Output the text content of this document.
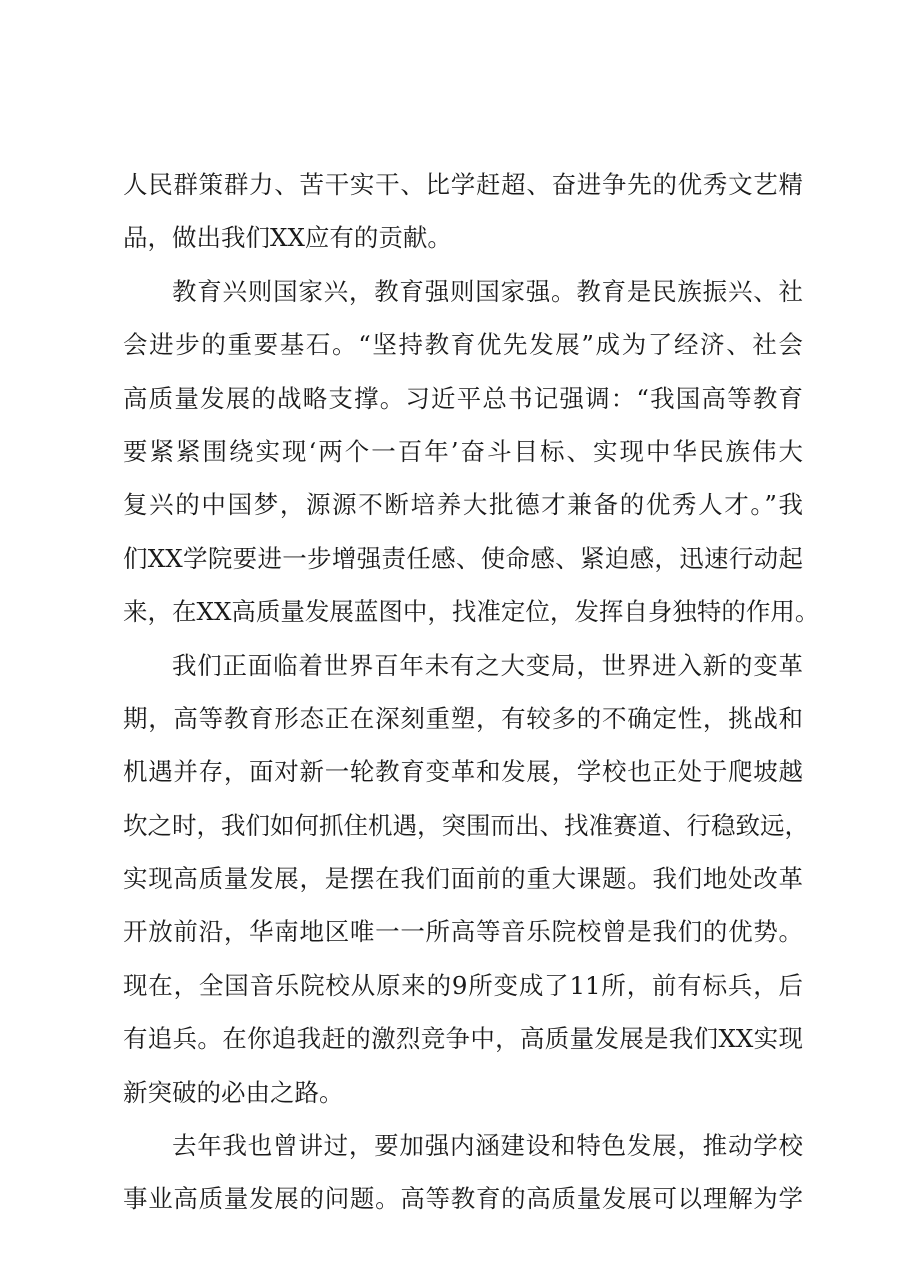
人民群策群力、苦干实干、比学赶超、奋进争先的优秀文艺精
品，做出我们XX应有的贡献。
教育兴则国家兴，教育强则国家强。教育是民族振兴、社
会进步的重要基石。“坚持教育优先发展”成为了经济、社会
高质量发展的战略支撑。习近平总书记强调：“我国高等教育
要紧紧围绕实现‘两个一百年’奋斗目标、实现中华民族伟大
复兴的中国梦，源源不断培养大批德才兼备的优秀人才。”我
们XX学院要进一步增强责任感、使命感、紧迫感，迅速行动起
来，在XX高质量发展蓝图中，找准定位，发挥自身独特的作用。
我们正面临着世界百年未有之大变局，世界进入新的变革
期，高等教育形态正在深刻重塑，有较多的不确定性，挑战和
机遇并存，面对新一轮教育变革和发展，学校也正处于爬坡越
坎之时，我们如何抓住机遇，突围而出、找准赛道、行稳致远，
实现高质量发展，是摆在我们面前的重大课题。我们地处改革
开放前沿，华南地区唯一一所高等音乐院校曾是我们的优势。
现在，全国音乐院校从原来的9所变成了11所，前有标兵，后
有追兵。在你追我赶的激烈竞争中，高质量发展是我们XX实现
新突破的必由之路。
去年我也曾讲过，要加强内涵建设和特色发展，推动学校
事业高质量发展的问题。高等教育的高质量发展可以理解为学
